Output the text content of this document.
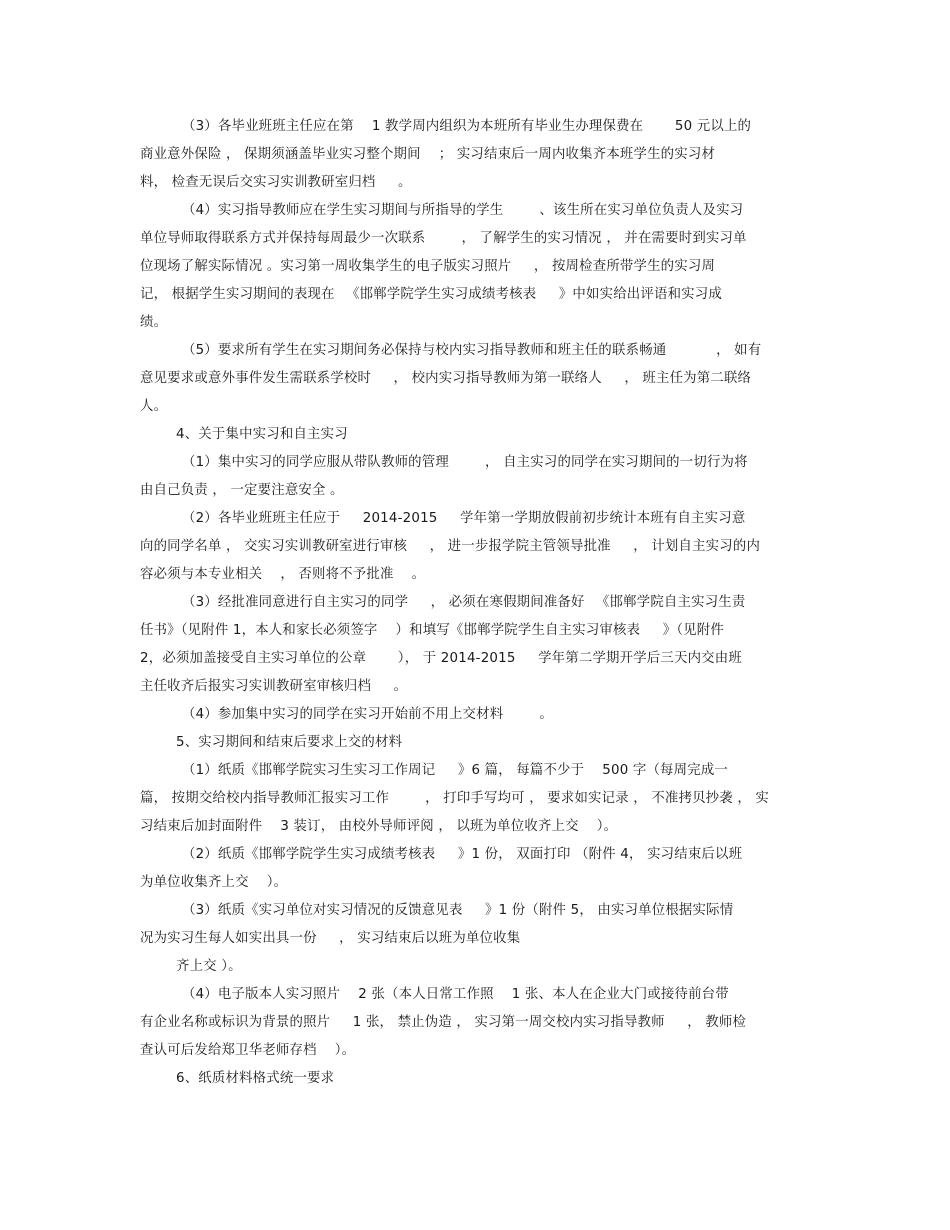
（3）各毕业班班主任应在第　 1 教学周内组织为本班所有毕业生办理保费在　　 50 元以上的
商业意外保险 ， 保期须涵盖毕业实习整个期间 　； 实习结束后一周内收集齐本班学生的实习材
料， 检查无误后交实习实训教研室归档 　 。
（4）实习指导教师应在学生实习期间与所指导的学生 　　 、该生所在实习单位负责人及实习
单位导师取得联系方式并保持每周最少一次联系 　　 ， 了解学生的实习情况 ， 并在需要时到实习单
位现场了解实际情况 。实习第一周收集学生的电子版实习照片 　 ， 按周检查所带学生的实习周
记， 根据学生实习期间的表现在 　《邯郸学院学生实习成绩考核表 　 》中如实给出评语和实习成
绩。
（5）要求所有学生在实习期间务必保持与校内实习指导教师和班主任的联系畅通 　　　 ， 如有
意见要求或意外事件发生需联系学校时 　 ， 校内实习指导教师为第一联络人 　 ， 班主任为第二联络
人。
4、关于集中实习和自主实习
（1）集中实习的同学应服从带队教师的管理 　　 ， 自主实习的同学在实习期间的一切行为将
由自己负责 ， 一定要注意安全 。
（2）各毕业班班主任应于 　 2014-2015 　 学年第一学期放假前初步统计本班有自主实习意
向的同学名单 ， 交实习实训教研室进行审核 　 ， 进一步报学院主管领导批准 　 ， 计划自主实习的内
容必须与本专业相关 　， 否则将不予批准 　。
（3）经批准同意进行自主实习的同学 　 ， 必须在寒假期间准备好 　《邯郸学院自主实习生责
任书》（见附件 1，本人和家长必须签字 　）和填写《邯郸学院学生自主实习审核表 　 》（见附件
2，必须加盖接受自主实习单位的公章 　　）， 于 2014-2015 　 学年第二学期开学后三天内交由班
主任收齐后报实习实训教研室审核归档 　 。
（4）参加集中实习的同学在实习开始前不用上交材料 　　 。
5、实习期间和结束后要求上交的材料
（1）纸质《邯郸学院实习生实习工作周记 　 》6 篇， 每篇不少于 　500 字（每周完成一
篇， 按期交给校内指导教师汇报实习工作 　　 ， 打印手写均可 ， 要求如实记录 ， 不准拷贝抄袭 ， 实
习结束后加封面附件 　3 装订， 由校外导师评阅 ， 以班为单位收齐上交 　）。
（2）纸质《邯郸学院学生实习成绩考核表 　 》1 份， 双面打印 （附件 4， 实习结束后以班
为单位收集齐上交 　）。
（3）纸质《实习单位对实习情况的反馈意见表 　 》1 份（附件 5， 由实习单位根据实际情
况为实习生每人如实出具一份 　 ， 实习结束后以班为单位收集
齐上交 ）。
（4）电子版本人实习照片 　2 张（本人日常工作照 　1 张、本人在企业大门或接待前台带
有企业名称或标识为背景的照片 　 1 张， 禁止伪造 ， 实习第一周交校内实习指导教师 　 ， 教师检
查认可后发给郑卫华老师存档 　）。
6、纸质材料格式统一要求
